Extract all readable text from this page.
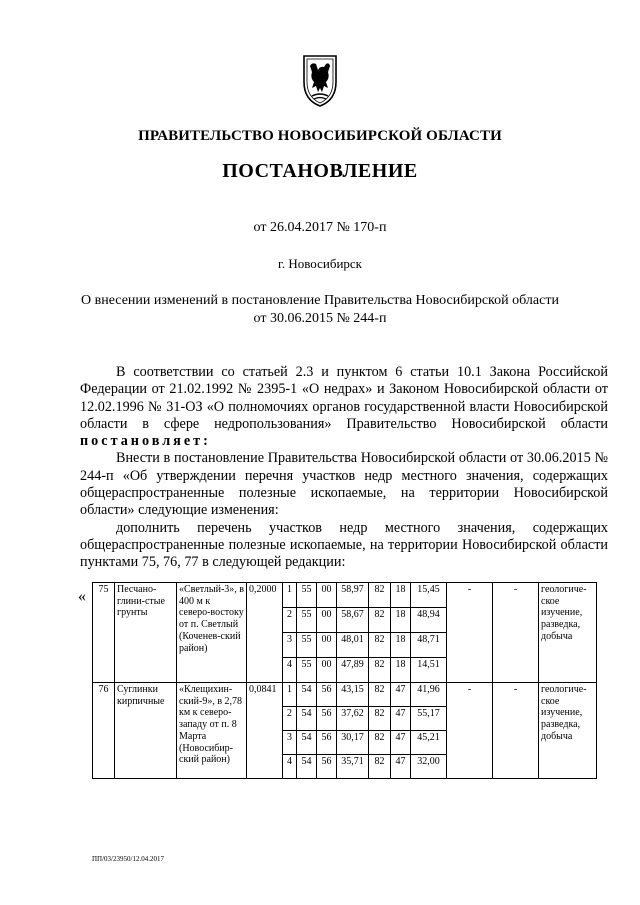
ПРАВИТЕЛЬСТВО НОВОСИБИРСКОЙ ОБЛАСТИ
ПОСТАНОВЛЕНИЕ
от 26.04.2017 № 170-п
г. Новосибирск
О внесении изменений в постановление Правительства Новосибирской области
от 30.06.2015 № 244-п

В соответствии со статьей 2.3 и пунктом 6 статьи 10.1 Закона Российской Федерации от 21.02.1992 № 2395-1 «О недрах» и Законом Новосибирской области от 12.02.1996 № 31-ОЗ «О полномочиях органов государственной власти Новосибирской области в сфере недропользования» Правительство Новосибирской области постановляет:

Внести в постановление Правительства Новосибирской области от 30.06.2015 № 244-п «Об утверждении перечня участков недр местного значения, содержащих общераспространенные полезные ископаемые, на территории Новосибирской области» следующие изменения:

дополнить перечень участков недр местного значения, содержащих общераспространенные полезные ископаемые, на территории Новосибирской области пунктами 75, 76, 77 в следующей редакции:

« 75	Песчано-глини-стые грунты	«Светлый-3», в 400 м к северо-востоку от п. Светлый (Коченев-ский район)	0,2000	1	55	00	58,97	82	18	15,45	-	-	геологиче-ское изучение, разведка, добыча
				2	55	00	58,67	82	18	48,94			
				3	55	00	48,01	82	18	48,71			
				4	55	00	47,89	82	18	14,51			
76	Суглинки кирпичные	«Клещихин-ский-9», в 2,78 км к северо-западу от п. 8 Марта (Новосибир-ский район)	0,0841	1	54	56	43,15	82	47	41,96	-	-	геологиче-ское изучение, разведка, добыча
				2	54	56	37,62	82	47	55,17			
				3	54	56	30,17	82	47	45,21			
				4	54	56	35,71	82	47	32,00			
ПП/03/23950/12.04.2017
